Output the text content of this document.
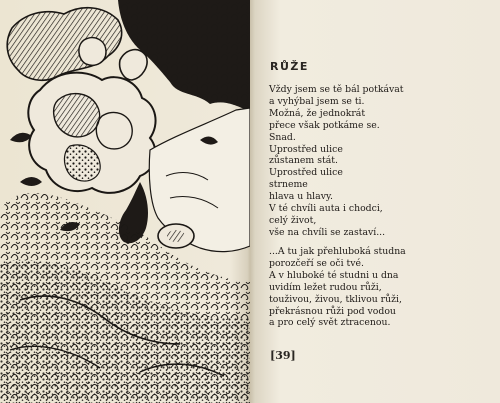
RŮŽE
Vždy jsem se tě bál potkávat
a vyhýbal jsem se ti.
Možná, že jednokrát
přece však potkáme se.
Snad.
Uprostřed ulice
zůstanem stát.
Uprostřed ulice
strneme
hlava u hlavy.
V té chvíli auta i chodci,
celý život,
vše na chvíli se zastaví...
...A tu jak přehluboká studna
porozčeří se oči tvé.
A v hluboké té studni u dna
uvidím ležet rudou růži,
touživou, živou, tklivou růži,
překrásnou růži pod vodou
a pro celý svět ztracenou.
[39]
